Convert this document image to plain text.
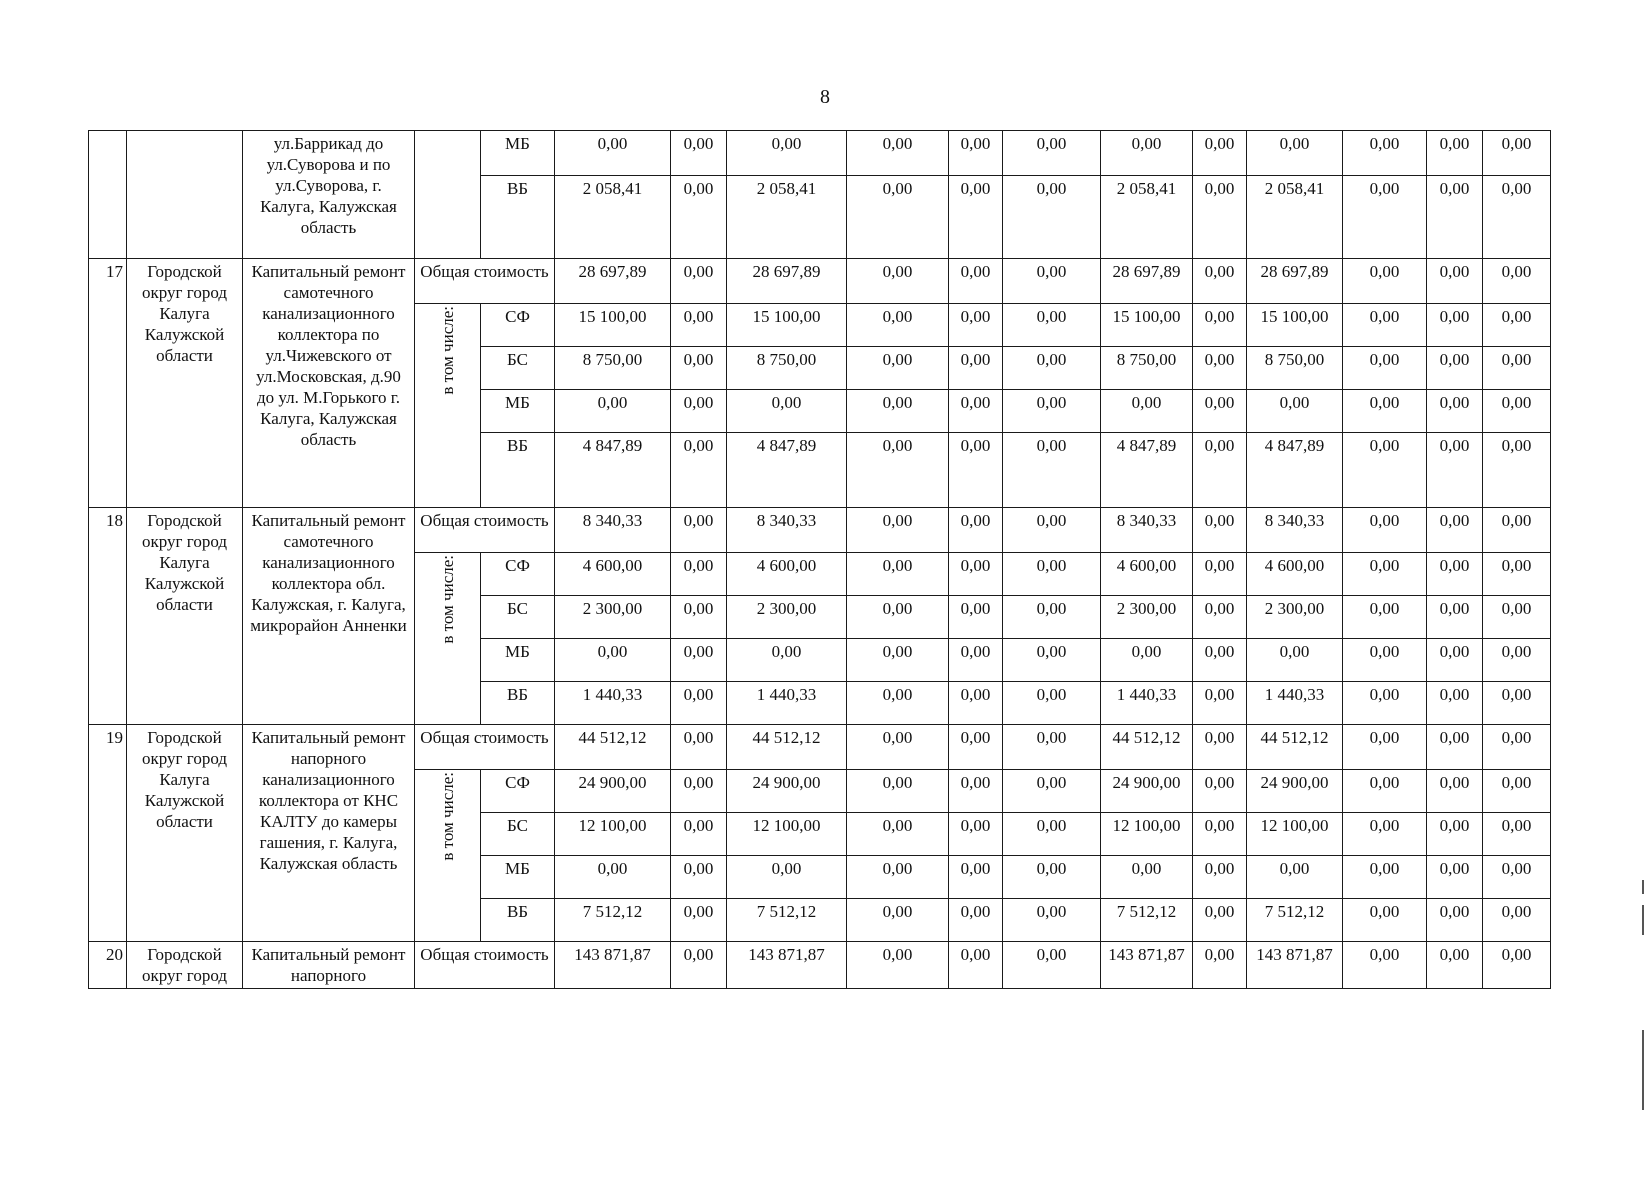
8
		ул.Баррикад до ул.Суворова и по ул.Суворова, г. Калуга, Калужская область		МБ	0,00	0,00	0,00	0,00	0,00	0,00	0,00	0,00	0,00	0,00	0,00	0,00
				ВБ	2 058,41	0,00	2 058,41	0,00	0,00	0,00	2 058,41	0,00	2 058,41	0,00	0,00	0,00
17	Городской округ город Калуга Калужской области	Капитальный ремонт самотечного канализационного коллектора по ул.Чижевского от ул.Московская, д.90 до ул. М.Горького г. Калуга, Калужская область	Общая стоимость		28 697,89	0,00	28 697,89	0,00	0,00	0,00	28 697,89	0,00	28 697,89	0,00	0,00	0,00
			в том числе:	СФ	15 100,00	0,00	15 100,00	0,00	0,00	0,00	15 100,00	0,00	15 100,00	0,00	0,00	0,00
				БС	8 750,00	0,00	8 750,00	0,00	0,00	0,00	8 750,00	0,00	8 750,00	0,00	0,00	0,00
				МБ	0,00	0,00	0,00	0,00	0,00	0,00	0,00	0,00	0,00	0,00	0,00	0,00
				ВБ	4 847,89	0,00	4 847,89	0,00	0,00	0,00	4 847,89	0,00	4 847,89	0,00	0,00	0,00
18	Городской округ город Калуга Калужской области	Капитальный ремонт самотечного канализационного коллектора обл. Калужская, г. Калуга, микрорайон Анненки	Общая стоимость		8 340,33	0,00	8 340,33	0,00	0,00	0,00	8 340,33	0,00	8 340,33	0,00	0,00	0,00
			в том числе:	СФ	4 600,00	0,00	4 600,00	0,00	0,00	0,00	4 600,00	0,00	4 600,00	0,00	0,00	0,00
				БС	2 300,00	0,00	2 300,00	0,00	0,00	0,00	2 300,00	0,00	2 300,00	0,00	0,00	0,00
				МБ	0,00	0,00	0,00	0,00	0,00	0,00	0,00	0,00	0,00	0,00	0,00	0,00
				ВБ	1 440,33	0,00	1 440,33	0,00	0,00	0,00	1 440,33	0,00	1 440,33	0,00	0,00	0,00
19	Городской округ город Калуга Калужской области	Капитальный ремонт напорного канализационного коллектора от КНС КАЛТУ до камеры гашения, г. Калуга, Калужская область	Общая стоимость		44 512,12	0,00	44 512,12	0,00	0,00	0,00	44 512,12	0,00	44 512,12	0,00	0,00	0,00
			в том числе:	СФ	24 900,00	0,00	24 900,00	0,00	0,00	0,00	24 900,00	0,00	24 900,00	0,00	0,00	0,00
				БС	12 100,00	0,00	12 100,00	0,00	0,00	0,00	12 100,00	0,00	12 100,00	0,00	0,00	0,00
				МБ	0,00	0,00	0,00	0,00	0,00	0,00	0,00	0,00	0,00	0,00	0,00	0,00
				ВБ	7 512,12	0,00	7 512,12	0,00	0,00	0,00	7 512,12	0,00	7 512,12	0,00	0,00	0,00
20	Городской округ город	Капитальный ремонт напорного	Общая стоимость		143 871,87	0,00	143 871,87	0,00	0,00	0,00	143 871,87	0,00	143 871,87	0,00	0,00	0,00
